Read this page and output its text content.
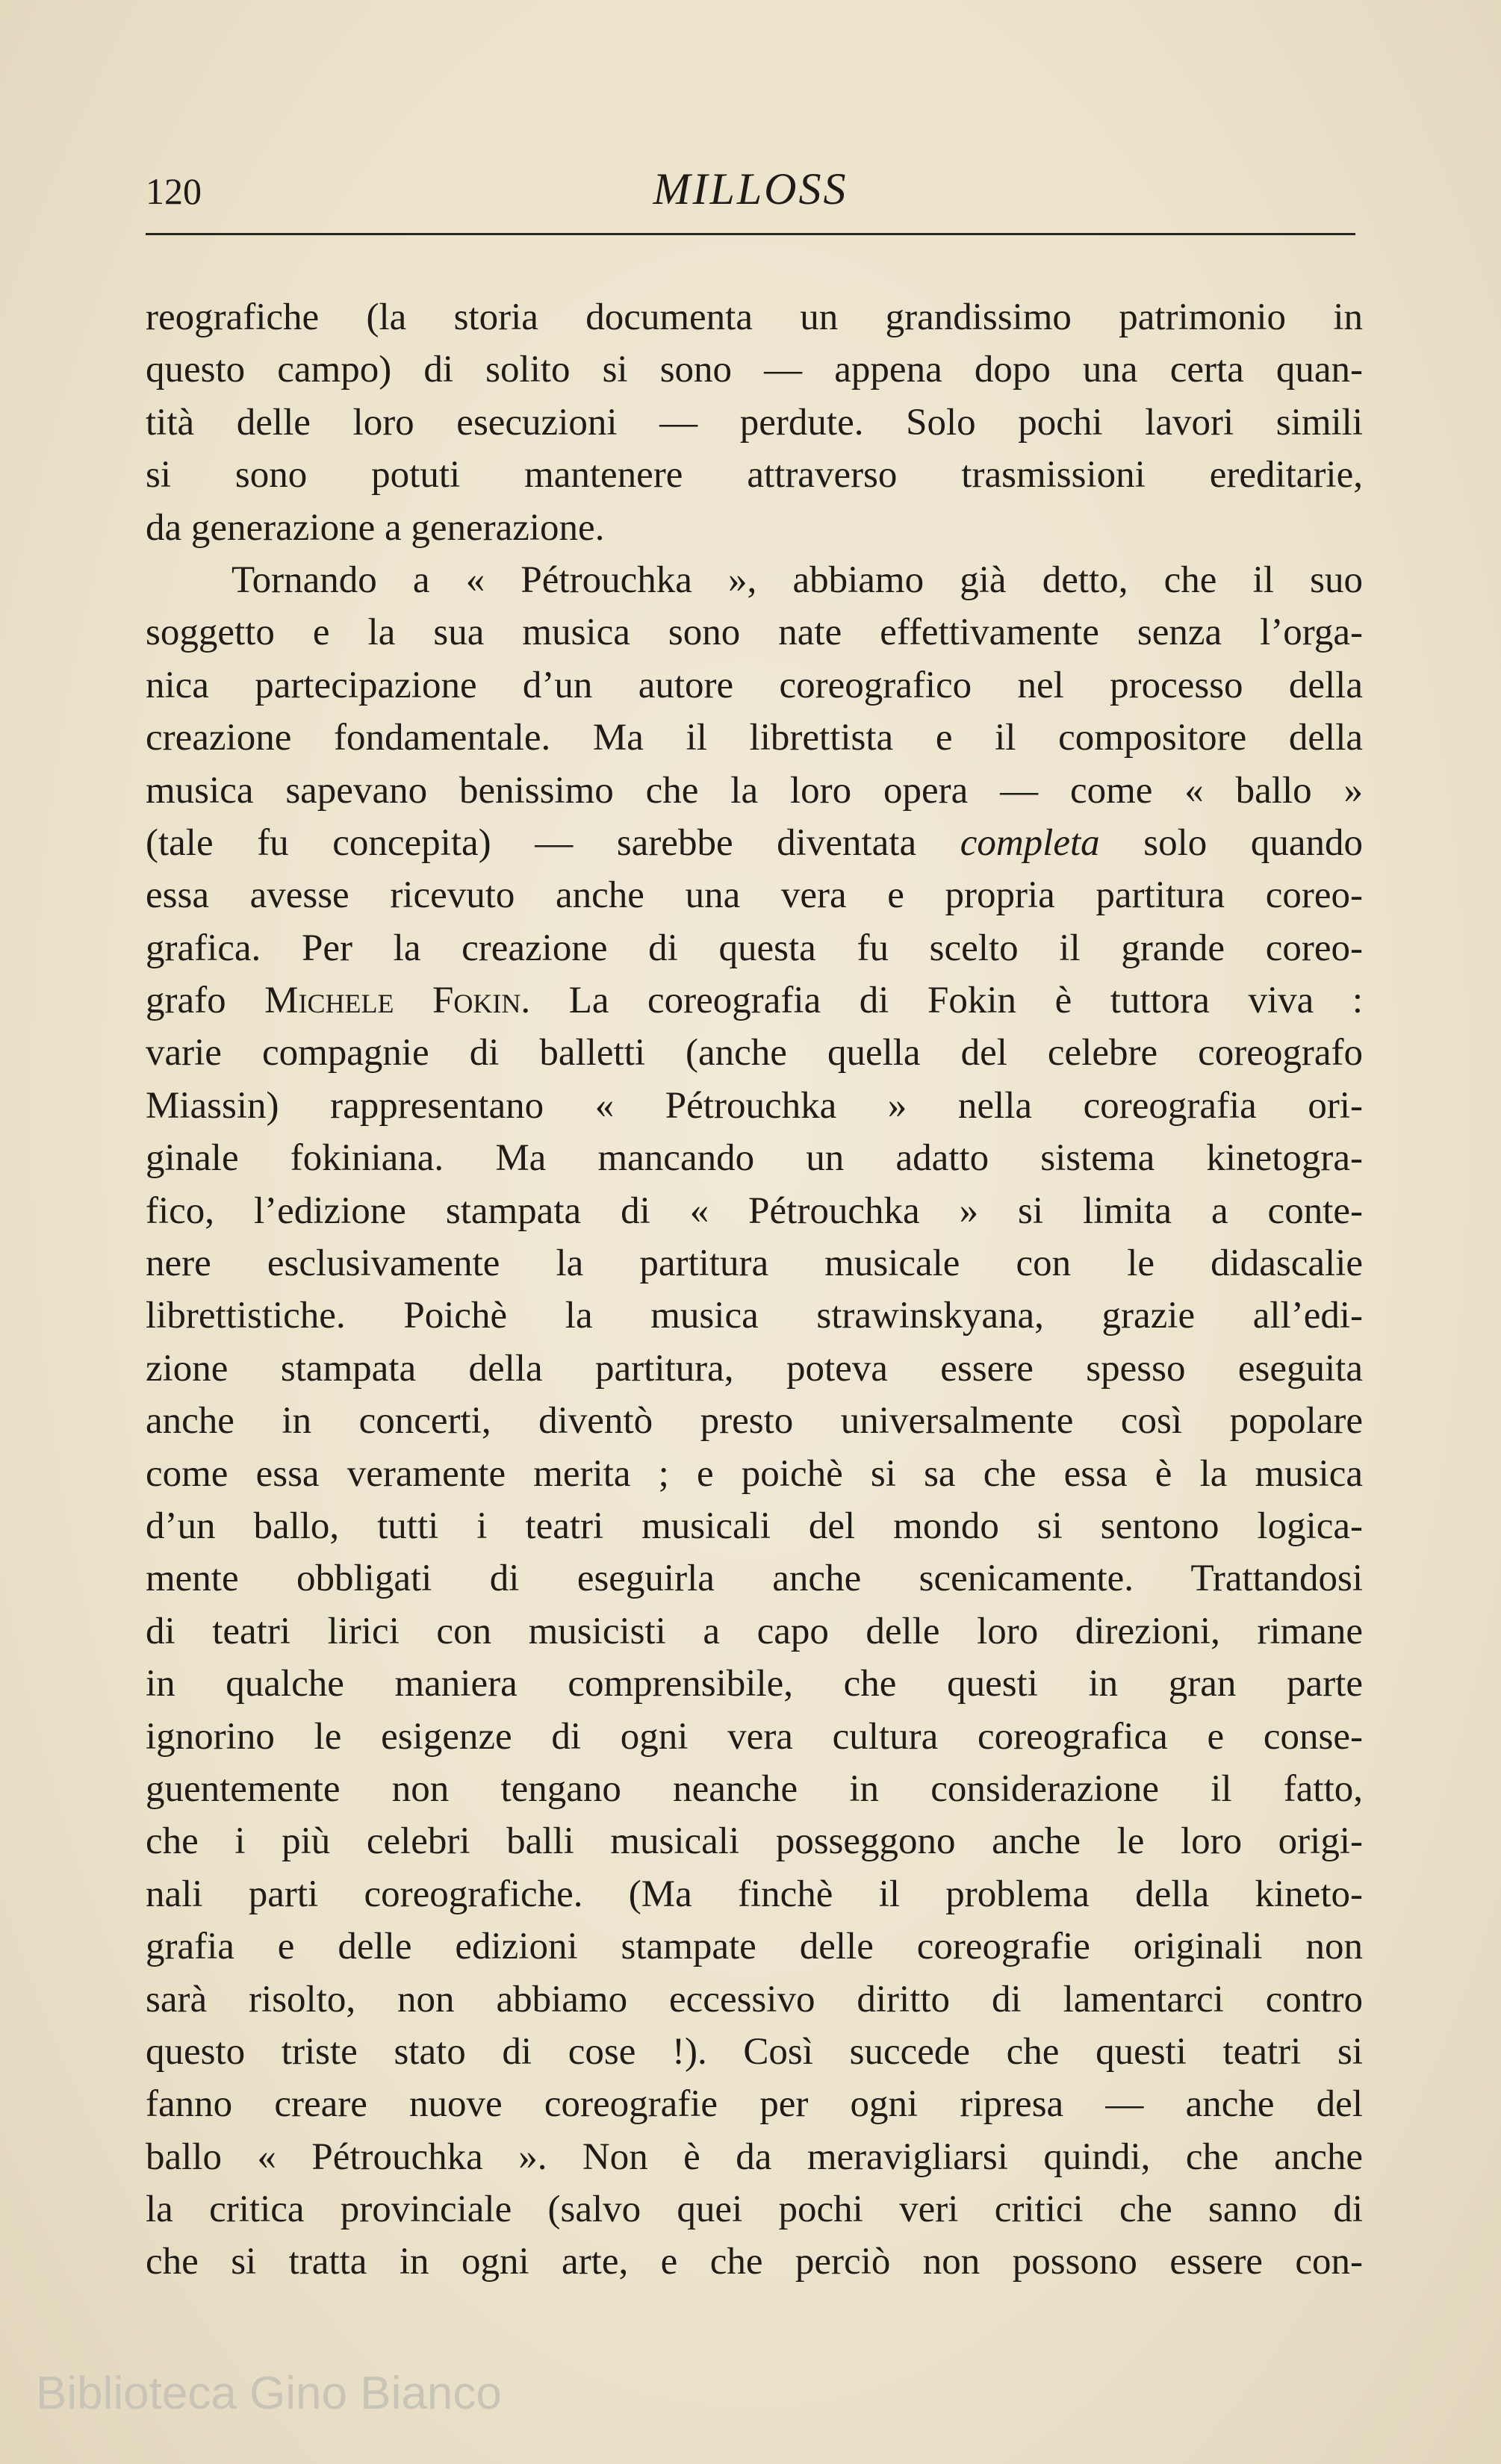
120	MILLOSS
reografiche (la storia documenta un grandissimo patrimonio in
questo campo) di solito si sono — appena dopo una certa quan-
tità delle loro esecuzioni — perdute. Solo pochi lavori simili
si sono potuti mantenere attraverso trasmissioni ereditarie,
da generazione a generazione.
Tornando a « Pétrouchka », abbiamo già detto, che il suo
soggetto e la sua musica sono nate effettivamente senza l’orga-
nica partecipazione d’un autore coreografico nel processo della
creazione fondamentale. Ma il librettista e il compositore della
musica sapevano benissimo che la loro opera — come « ballo »
(tale fu concepita) — sarebbe diventata completa solo quando
essa avesse ricevuto anche una vera e propria partitura coreo-
grafica. Per la creazione di questa fu scelto il grande coreo-
grafo Michele Fokin. La coreografia di Fokin è tuttora viva :
varie compagnie di balletti (anche quella del celebre coreografo
Miassin) rappresentano « Pétrouchka » nella coreografia ori-
ginale fokiniana. Ma mancando un adatto sistema kinetogra-
fico, l’edizione stampata di « Pétrouchka » si limita a conte-
nere esclusivamente la partitura musicale con le didascalie
librettistiche. Poichè la musica strawinskyana, grazie all’edi-
zione stampata della partitura, poteva essere spesso eseguita
anche in concerti, diventò presto universalmente così popolare
come essa veramente merita ; e poichè si sa che essa è la musica
d’un ballo, tutti i teatri musicali del mondo si sentono logica-
mente obbligati di eseguirla anche scenicamente. Trattandosi
di teatri lirici con musicisti a capo delle loro direzioni, rimane
in qualche maniera comprensibile, che questi in gran parte
ignorino le esigenze di ogni vera cultura coreografica e conse-
guentemente non tengano neanche in considerazione il fatto,
che i più celebri balli musicali posseggono anche le loro origi-
nali parti coreografiche. (Ma finchè il problema della kineto-
grafia e delle edizioni stampate delle coreografie originali non
sarà risolto, non abbiamo eccessivo diritto di lamentarci contro
questo triste stato di cose !). Così succede che questi teatri si
fanno creare nuove coreografie per ogni ripresa — anche del
ballo « Pétrouchka ». Non è da meravigliarsi quindi, che anche
la critica provinciale (salvo quei pochi veri critici che sanno di
che si tratta in ogni arte, e che perciò non possono essere con-
Biblioteca Gino Bianco
